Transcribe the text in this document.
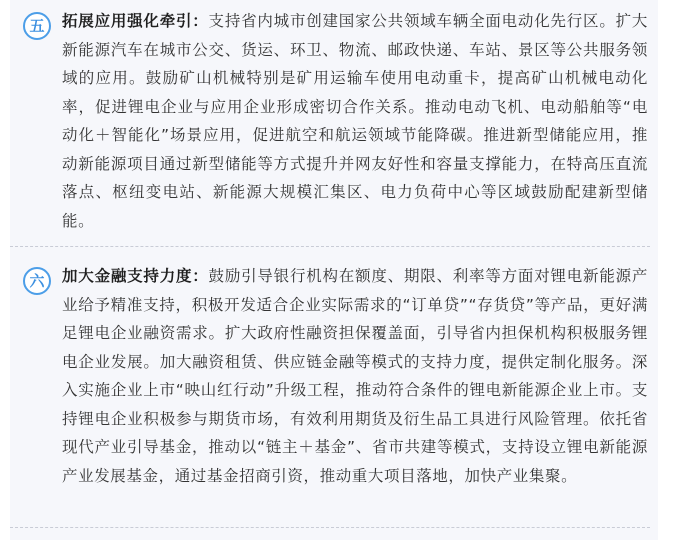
五 拓展应用强化牵引：支持省内城市创建国家公共领域车辆全面电动化先行区。扩大新能源汽车在城市公交、货运、环卫、物流、邮政快递、车站、景区等公共服务领域的应用。鼓励矿山机械特别是矿用运输车使用电动重卡，提高矿山机械电动化率，促进锂电企业与应用企业形成密切合作关系。推动电动飞机、电动船舶等“电动化＋智能化”场景应用，促进航空和航运领域节能降碳。推进新型储能应用，推动新能源项目通过新型储能等方式提升并网友好性和容量支撑能力，在特高压直流落点、枢纽变电站、新能源大规模汇集区、电力负荷中心等区域鼓励配建新型储能。
六 加大金融支持力度：鼓励引导银行机构在额度、期限、利率等方面对锂电新能源产业给予精准支持，积极开发适合企业实际需求的“订单贷”“存货贷”等产品，更好满足锂电企业融资需求。扩大政府性融资担保覆盖面，引导省内担保机构积极服务锂电企业发展。加大融资租赁、供应链金融等模式的支持力度，提供定制化服务。深入实施企业上市“映山红行动”升级工程，推动符合条件的锂电新能源企业上市。支持锂电企业积极参与期货市场，有效利用期货及衍生品工具进行风险管理。依托省现代产业引导基金，推动以“链主＋基金”、省市共建等模式，支持设立锂电新能源产业发展基金，通过基金招商引资，推动重大项目落地，加快产业集聚。
